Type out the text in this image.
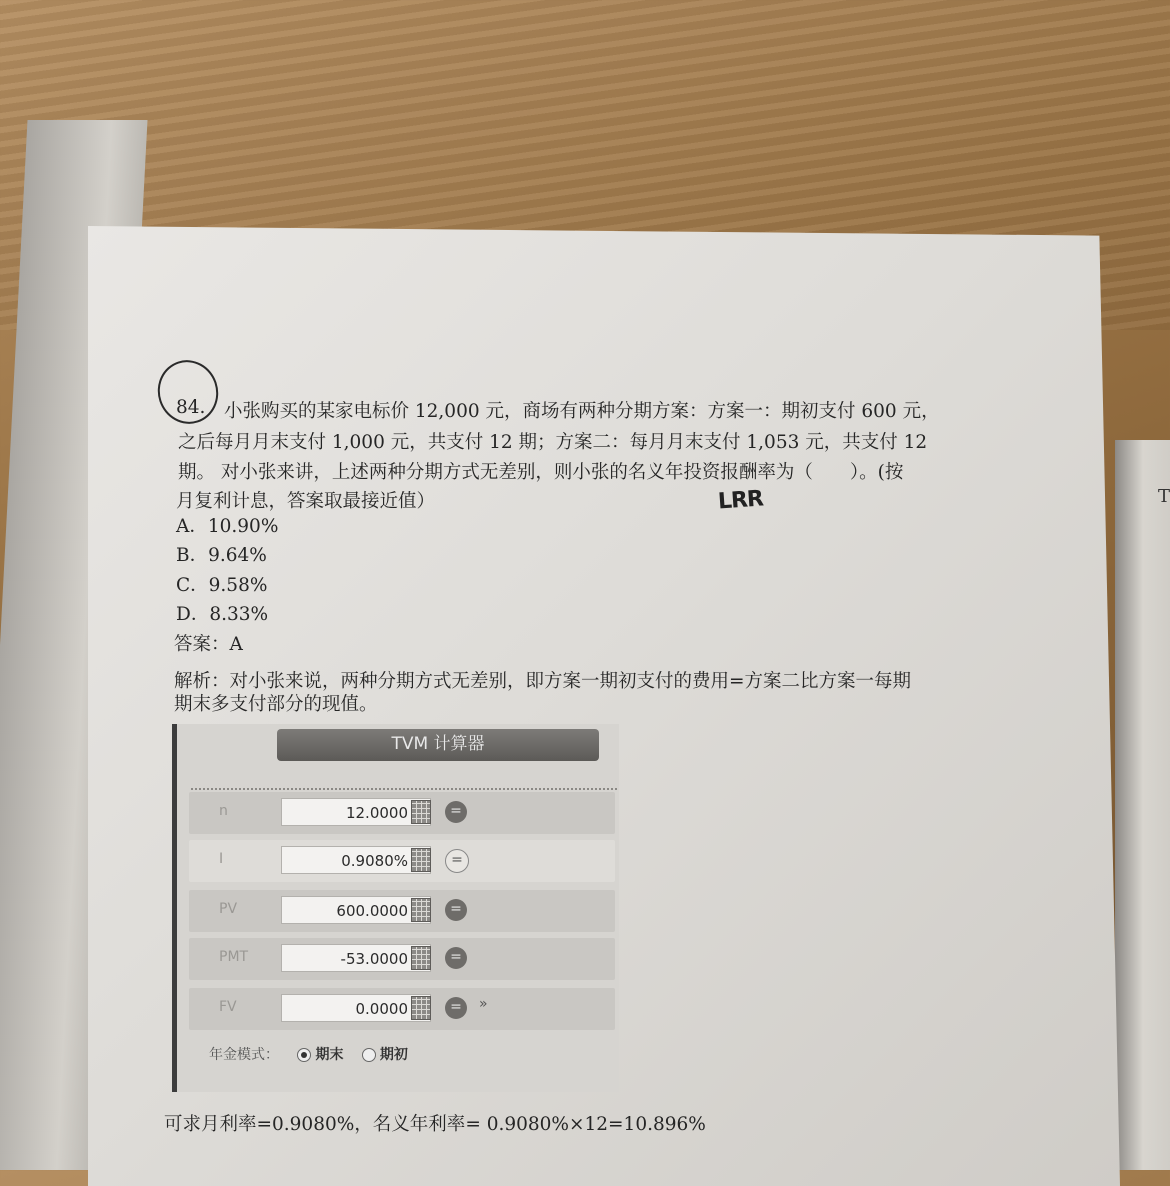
T
84. 小张购买的某家电标价 12,000 元，商场有两种分期方案：方案一：期初支付 600 元，
之后每月月末支付 1,000 元，共支付 12 期；方案二：每月月末支付 1,053 元，共支付 12
期。 对小张来讲，上述两种分期方式无差别，则小张的名义年投资报酬率为（　　）。(按
月复利计息，答案取最接近值）	LRR
A．10.90%
B．9.64%
C．9.58%
D．8.33%
答案：A
解析：对小张来说，两种分期方式无差别，即方案一期初支付的费用=方案二比方案一每期
期末多支付部分的现值。
TVM 计算器
n	12.0000	=
I	0.9080%	=
PV	600.0000	=
PMT	-53.0000	=
FV	0.0000	=	»
年金模式：	期末	期初
可求月利率=0.9080%，名义年利率= 0.9080%×12=10.896%
